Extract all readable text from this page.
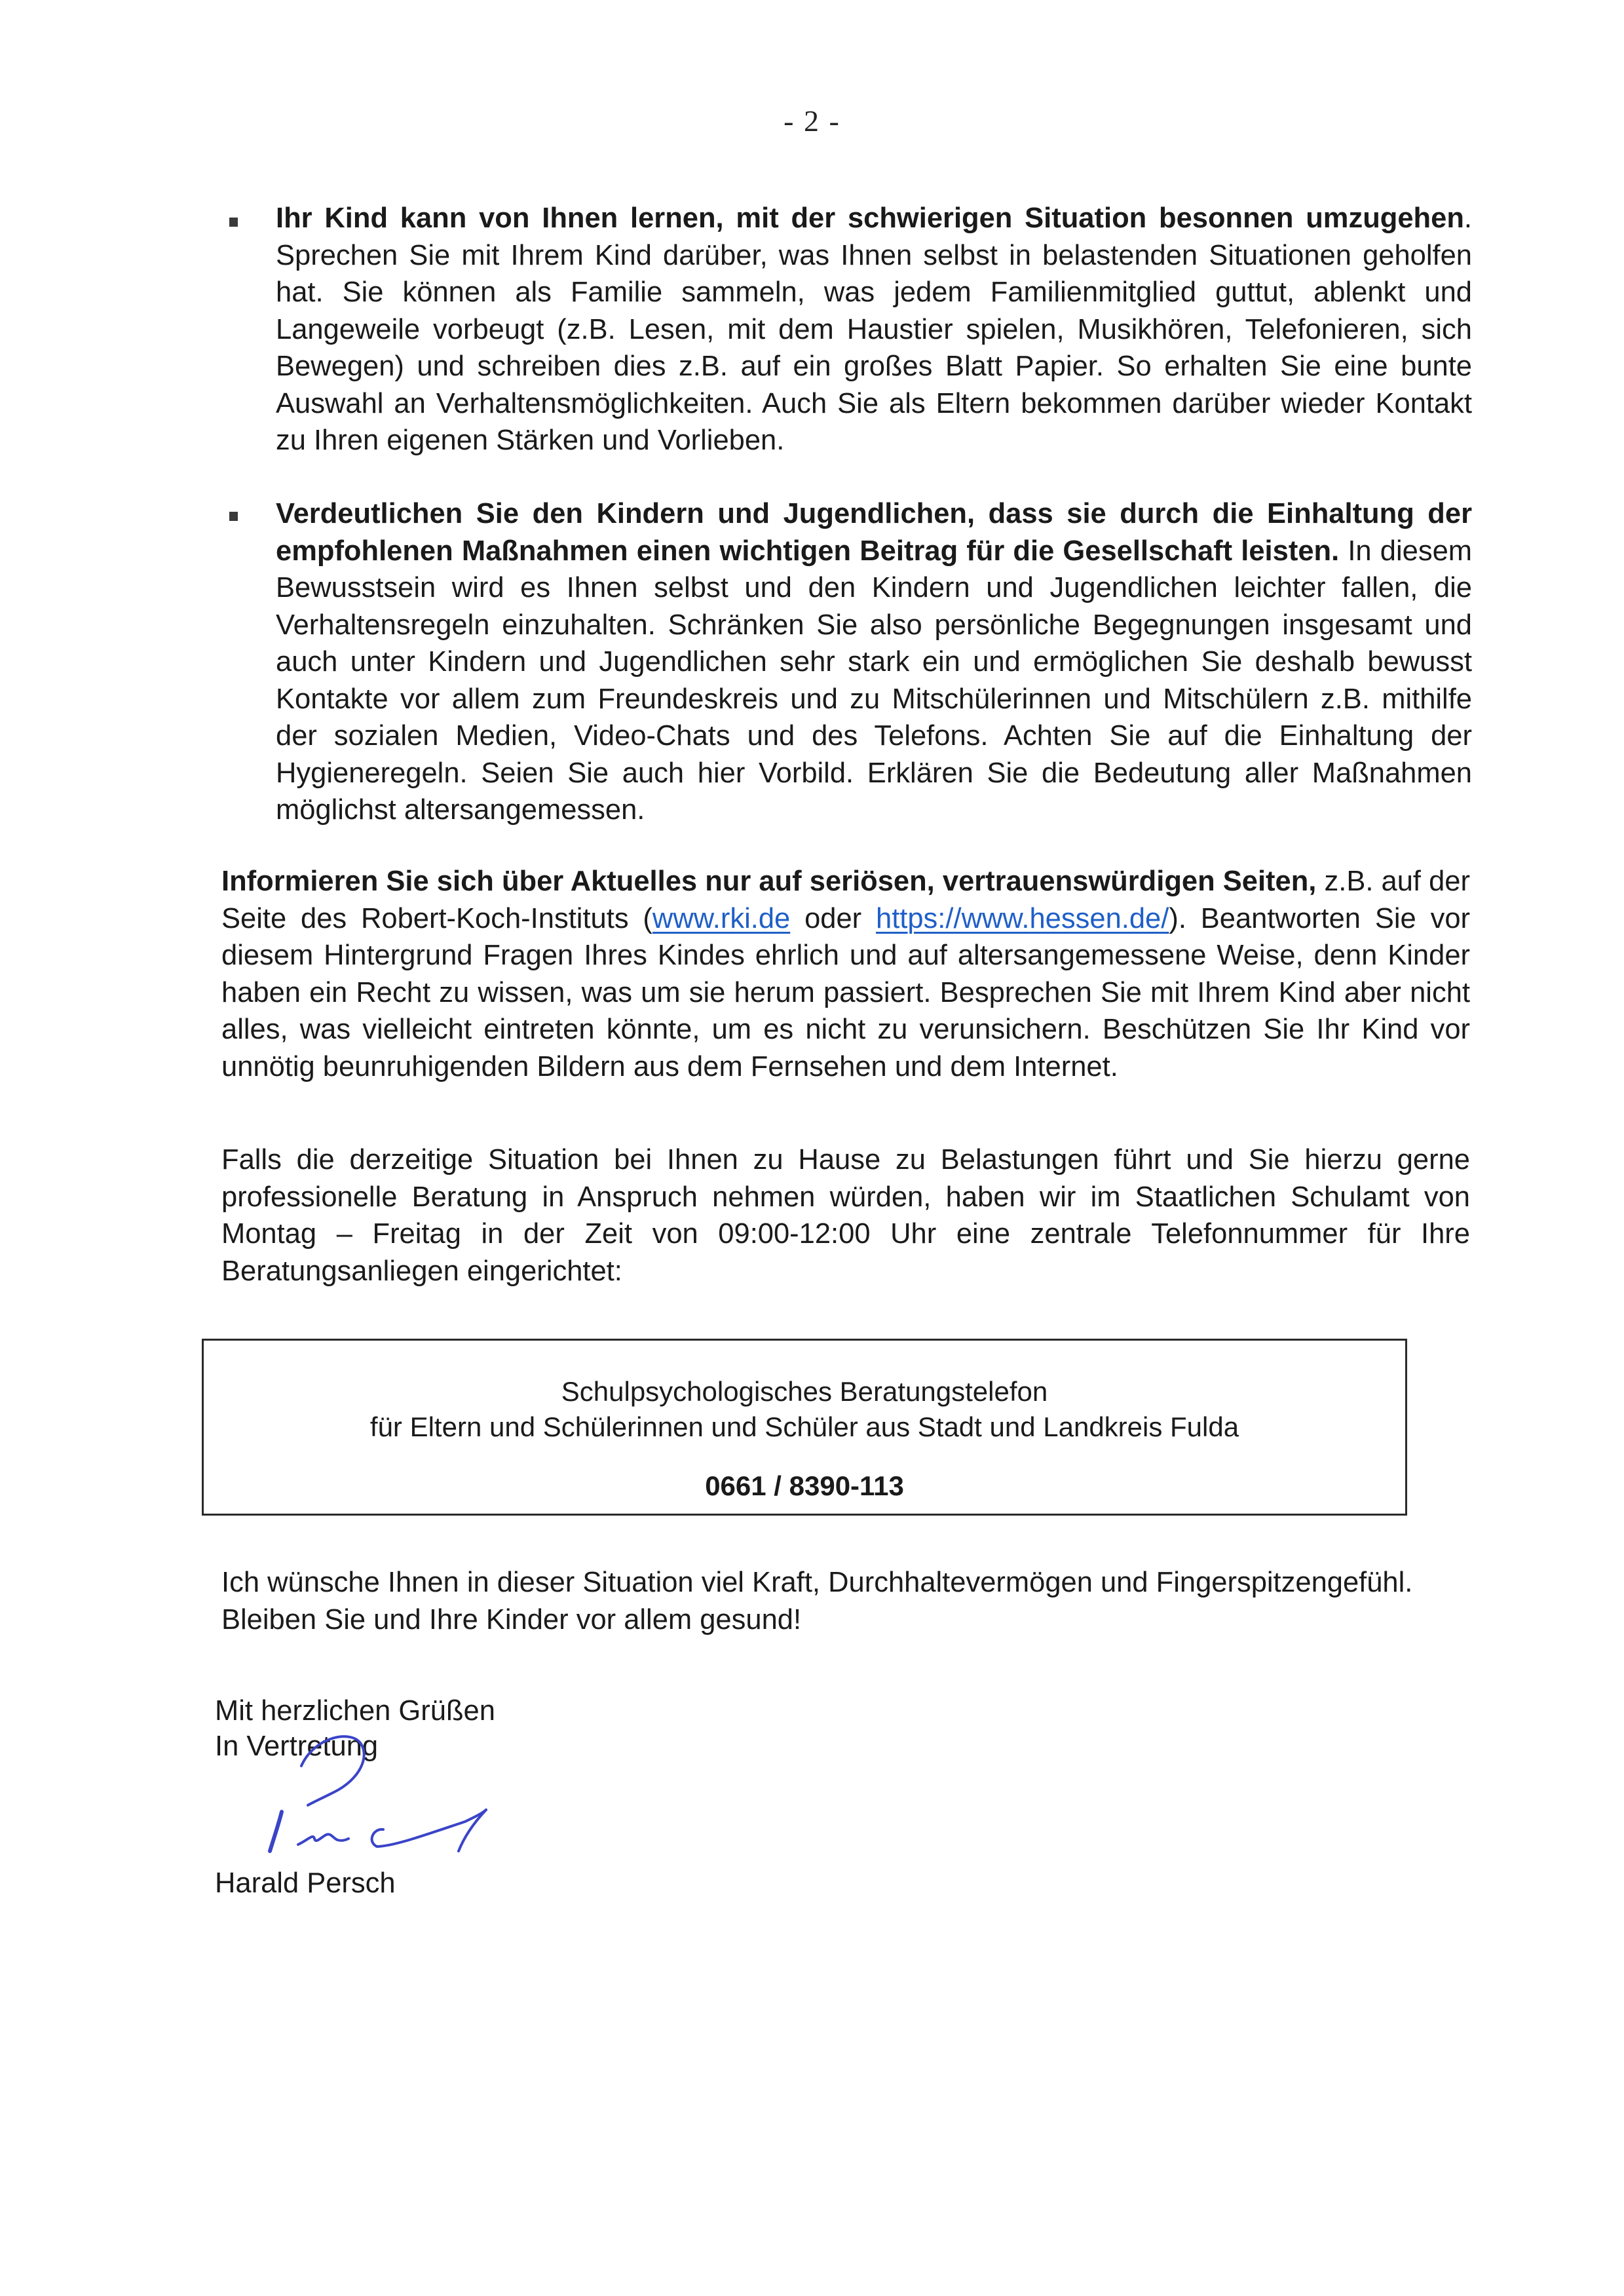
- 2 -

Ihr Kind kann von Ihnen lernen, mit der schwierigen Situation besonnen umzugehen. Sprechen Sie mit Ihrem Kind darüber, was Ihnen selbst in belastenden Situationen geholfen hat. Sie können als Familie sammeln, was jedem Familienmitglied guttut, ablenkt und Langeweile vorbeugt (z.B. Lesen, mit dem Haustier spielen, Musikhören, Telefonieren, sich Bewegen) und schreiben dies z.B. auf ein großes Blatt Papier. So erhalten Sie eine bunte Auswahl an Verhaltensmöglichkeiten. Auch Sie als Eltern bekommen darüber wieder Kontakt zu Ihren eigenen Stärken und Vorlieben.

Verdeutlichen Sie den Kindern und Jugendlichen, dass sie durch die Einhaltung der empfohlenen Maßnahmen einen wichtigen Beitrag für die Gesellschaft leisten. In diesem Bewusstsein wird es Ihnen selbst und den Kindern und Jugendlichen leichter fallen, die Verhaltensregeln einzuhalten. Schränken Sie also persönliche Begegnungen insgesamt und auch unter Kindern und Jugendlichen sehr stark ein und ermöglichen Sie deshalb bewusst Kontakte vor allem zum Freundeskreis und zu Mitschülerinnen und Mitschülern z.B. mithilfe der sozialen Medien, Video-Chats und des Telefons. Achten Sie auf die Einhaltung der Hygieneregeln. Seien Sie auch hier Vorbild. Erklären Sie die Bedeutung aller Maßnahmen möglichst altersangemessen.

Informieren Sie sich über Aktuelles nur auf seriösen, vertrauenswürdigen Seiten, z.B. auf der Seite des Robert-Koch-Instituts (www.rki.de oder https://www.hessen.de/). Beantworten Sie vor diesem Hintergrund Fragen Ihres Kindes ehrlich und auf altersangemessene Weise, denn Kinder haben ein Recht zu wissen, was um sie herum passiert. Besprechen Sie mit Ihrem Kind aber nicht alles, was vielleicht eintreten könnte, um es nicht zu verunsichern. Beschützen Sie Ihr Kind vor unnötig beunruhigenden Bildern aus dem Fernsehen und dem Internet.

Falls die derzeitige Situation bei Ihnen zu Hause zu Belastungen führt und Sie hierzu gerne professionelle Beratung in Anspruch nehmen würden, haben wir im Staatlichen Schulamt von Montag – Freitag in der Zeit von 09:00-12:00 Uhr eine zentrale Telefonnummer für Ihre Beratungsanliegen eingerichtet:

Schulpsychologisches Beratungstelefon
für Eltern und Schülerinnen und Schüler aus Stadt und Landkreis Fulda
0661 / 8390-113

Ich wünsche Ihnen in dieser Situation viel Kraft, Durchhaltevermögen und Fingerspitzengefühl.

Bleiben Sie und Ihre Kinder vor allem gesund!

Mit herzlichen Grüßen
In Vertretung
Harald Persch
